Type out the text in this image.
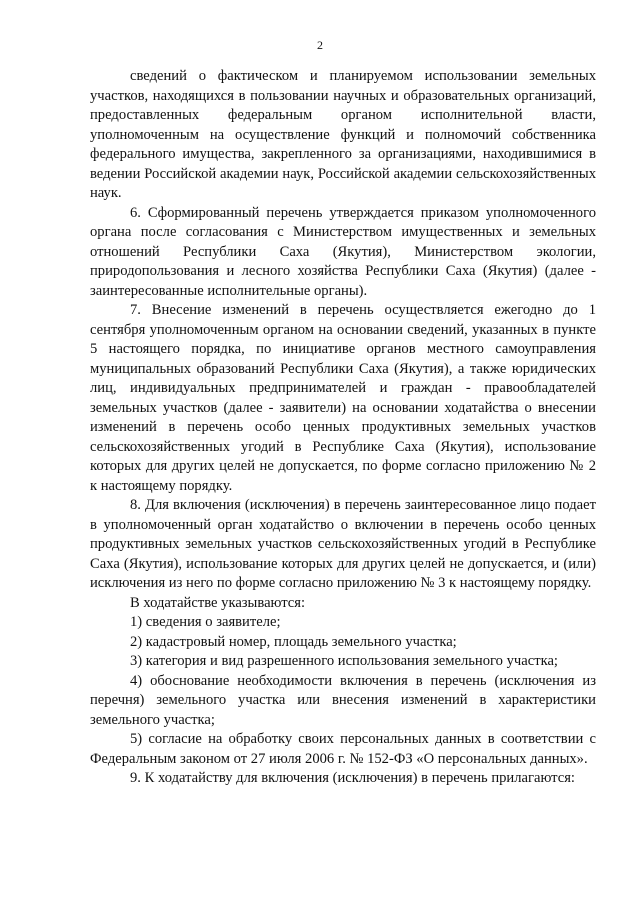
2

сведений о фактическом и планируемом использовании земельных участков, находящихся в пользовании научных и образовательных организаций, предоставленных федеральным органом исполнительной власти, уполномоченным на осуществление функций и полномочий собственника федерального имущества, закрепленного за организациями, находившимися в ведении Российской академии наук, Российской академии сельскохозяйственных наук.

6. Сформированный перечень утверждается приказом уполномоченного органа после согласования с Министерством имущественных и земельных отношений Республики Саха (Якутия), Министерством экологии, природопользования и лесного хозяйства Республики Саха (Якутия) (далее - заинтересованные исполнительные органы).

7. Внесение изменений в перечень осуществляется ежегодно до 1 сентября уполномоченным органом на основании сведений, указанных в пункте 5 настоящего порядка, по инициативе органов местного самоуправления муниципальных образований Республики Саха (Якутия), а также юридических лиц, индивидуальных предпринимателей и граждан - правообладателей земельных участков (далее - заявители) на основании ходатайства о внесении изменений в перечень особо ценных продуктивных земельных участков сельскохозяйственных угодий в Республике Саха (Якутия), использование которых для других целей не допускается, по форме согласно приложению № 2 к настоящему порядку.

8. Для включения (исключения) в перечень заинтересованное лицо подает в уполномоченный орган ходатайство о включении в перечень особо ценных продуктивных земельных участков сельскохозяйственных угодий в Республике Саха (Якутия), использование которых для других целей не допускается, и (или) исключения из него по форме согласно приложению № 3 к настоящему порядку.

В ходатайстве указываются:

1) сведения о заявителе;

2) кадастровый номер, площадь земельного участка;

3) категория и вид разрешенного использования земельного участка;

4) обоснование необходимости включения в перечень (исключения из перечня) земельного участка или внесения изменений в характеристики земельного участка;

5) согласие на обработку своих персональных данных в соответствии с Федеральным законом от 27 июля 2006 г. № 152-ФЗ «О персональных данных».

9. К ходатайству для включения (исключения) в перечень прилагаются:
